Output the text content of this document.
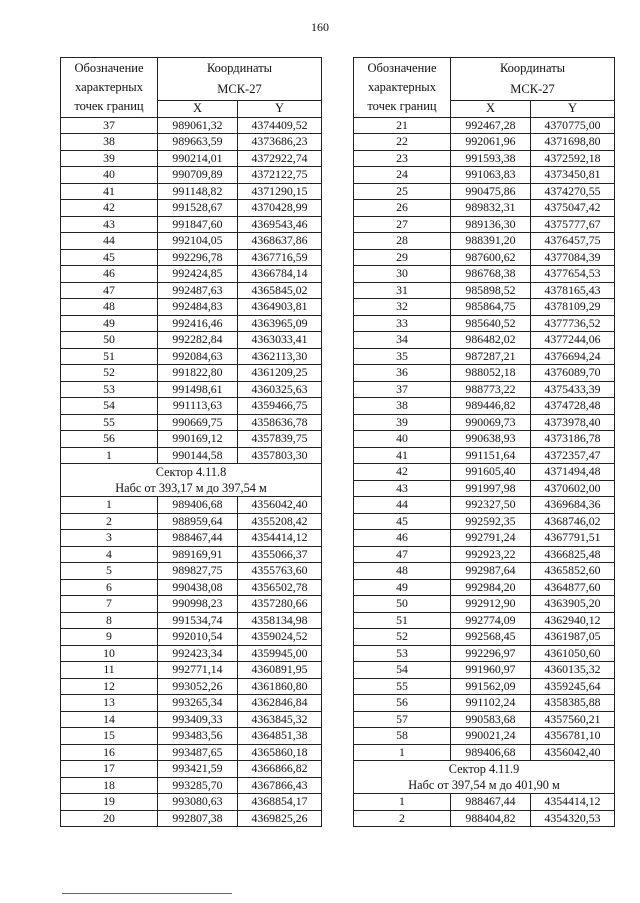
160
Обозначение характерных точек границ	Координаты МСК-27	
	X	Y
37	989061,32	4374409,52
38	989663,59	4373686,23
39	990214,01	4372922,74
40	990709,89	4372122,75
41	991148,82	4371290,15
42	991528,67	4370428,99
43	991847,60	4369543,46
44	992104,05	4368637,86
45	992296,78	4367716,59
46	992424,85	4366784,14
47	992487,63	4365845,02
48	992484,83	4364903,81
49	992416,46	4363965,09
50	992282,84	4363033,41
51	992084,63	4362113,30
52	991822,80	4361209,25
53	991498,61	4360325,63
54	991113,63	4359466,75
55	990669,75	4358636,78
56	990169,12	4357839,75
1	990144,58	4357803,30

Сектор 4.11.8
Набс от 393,17 м до 397,54 м		

1	989406,68	4356042,40
2	988959,64	4355208,42
3	988467,44	4354414,12
4	989169,91	4355066,37
5	989827,75	4355763,60
6	990438,08	4356502,78
7	990998,23	4357280,66
8	991534,74	4358134,98
9	992010,54	4359024,52
10	992423,34	4359945,00
11	992771,14	4360891,95
12	993052,26	4361860,80
13	993265,34	4362846,84
14	993409,33	4363845,32
15	993483,56	4364851,38
16	993487,65	4365860,18
17	993421,59	4366866,82
18	993285,70	4367866,43
19	993080,63	4368854,17
20	992807,38	4369825,26
Обозначение характерных точек границ	Координаты МСК-27	
	X	Y
21	992467,28	4370775,00
22	992061,96	4371698,80
23	991593,38	4372592,18
24	991063,83	4373450,81
25	990475,86	4374270,55
26	989832,31	4375047,42
27	989136,30	4375777,67
28	988391,20	4376457,75
29	987600,62	4377084,39
30	986768,38	4377654,53
31	985898,52	4378165,43
32	985864,75	4378109,29
33	985640,52	4377736,52
34	986482,02	4377244,06
35	987287,21	4376694,24
36	988052,18	4376089,70
37	988773,22	4375433,39
38	989446,82	4374728,48
39	990069,73	4373978,40
40	990638,93	4373186,78
41	991151,64	4372357,47
42	991605,40	4371494,48
43	991997,98	4370602,00
44	992327,50	4369684,36
45	992592,35	4368746,02
46	992791,24	4367791,51
47	992923,22	4366825,48
48	992987,64	4365852,60
49	992984,20	4364877,60
50	992912,90	4363905,20
51	992774,09	4362940,12
52	992568,45	4361987,05
53	992296,97	4361050,60
54	991960,97	4360135,32
55	991562,09	4359245,64
56	991102,24	4358385,88
57	990583,68	4357560,21
58	990021,24	4356781,10
1	989406,68	4356042,40

Сектор 4.11.9
Набс от 397,54 м до 401,90 м		

1	988467,44	4354414,12
2	988404,82	4354320,53
